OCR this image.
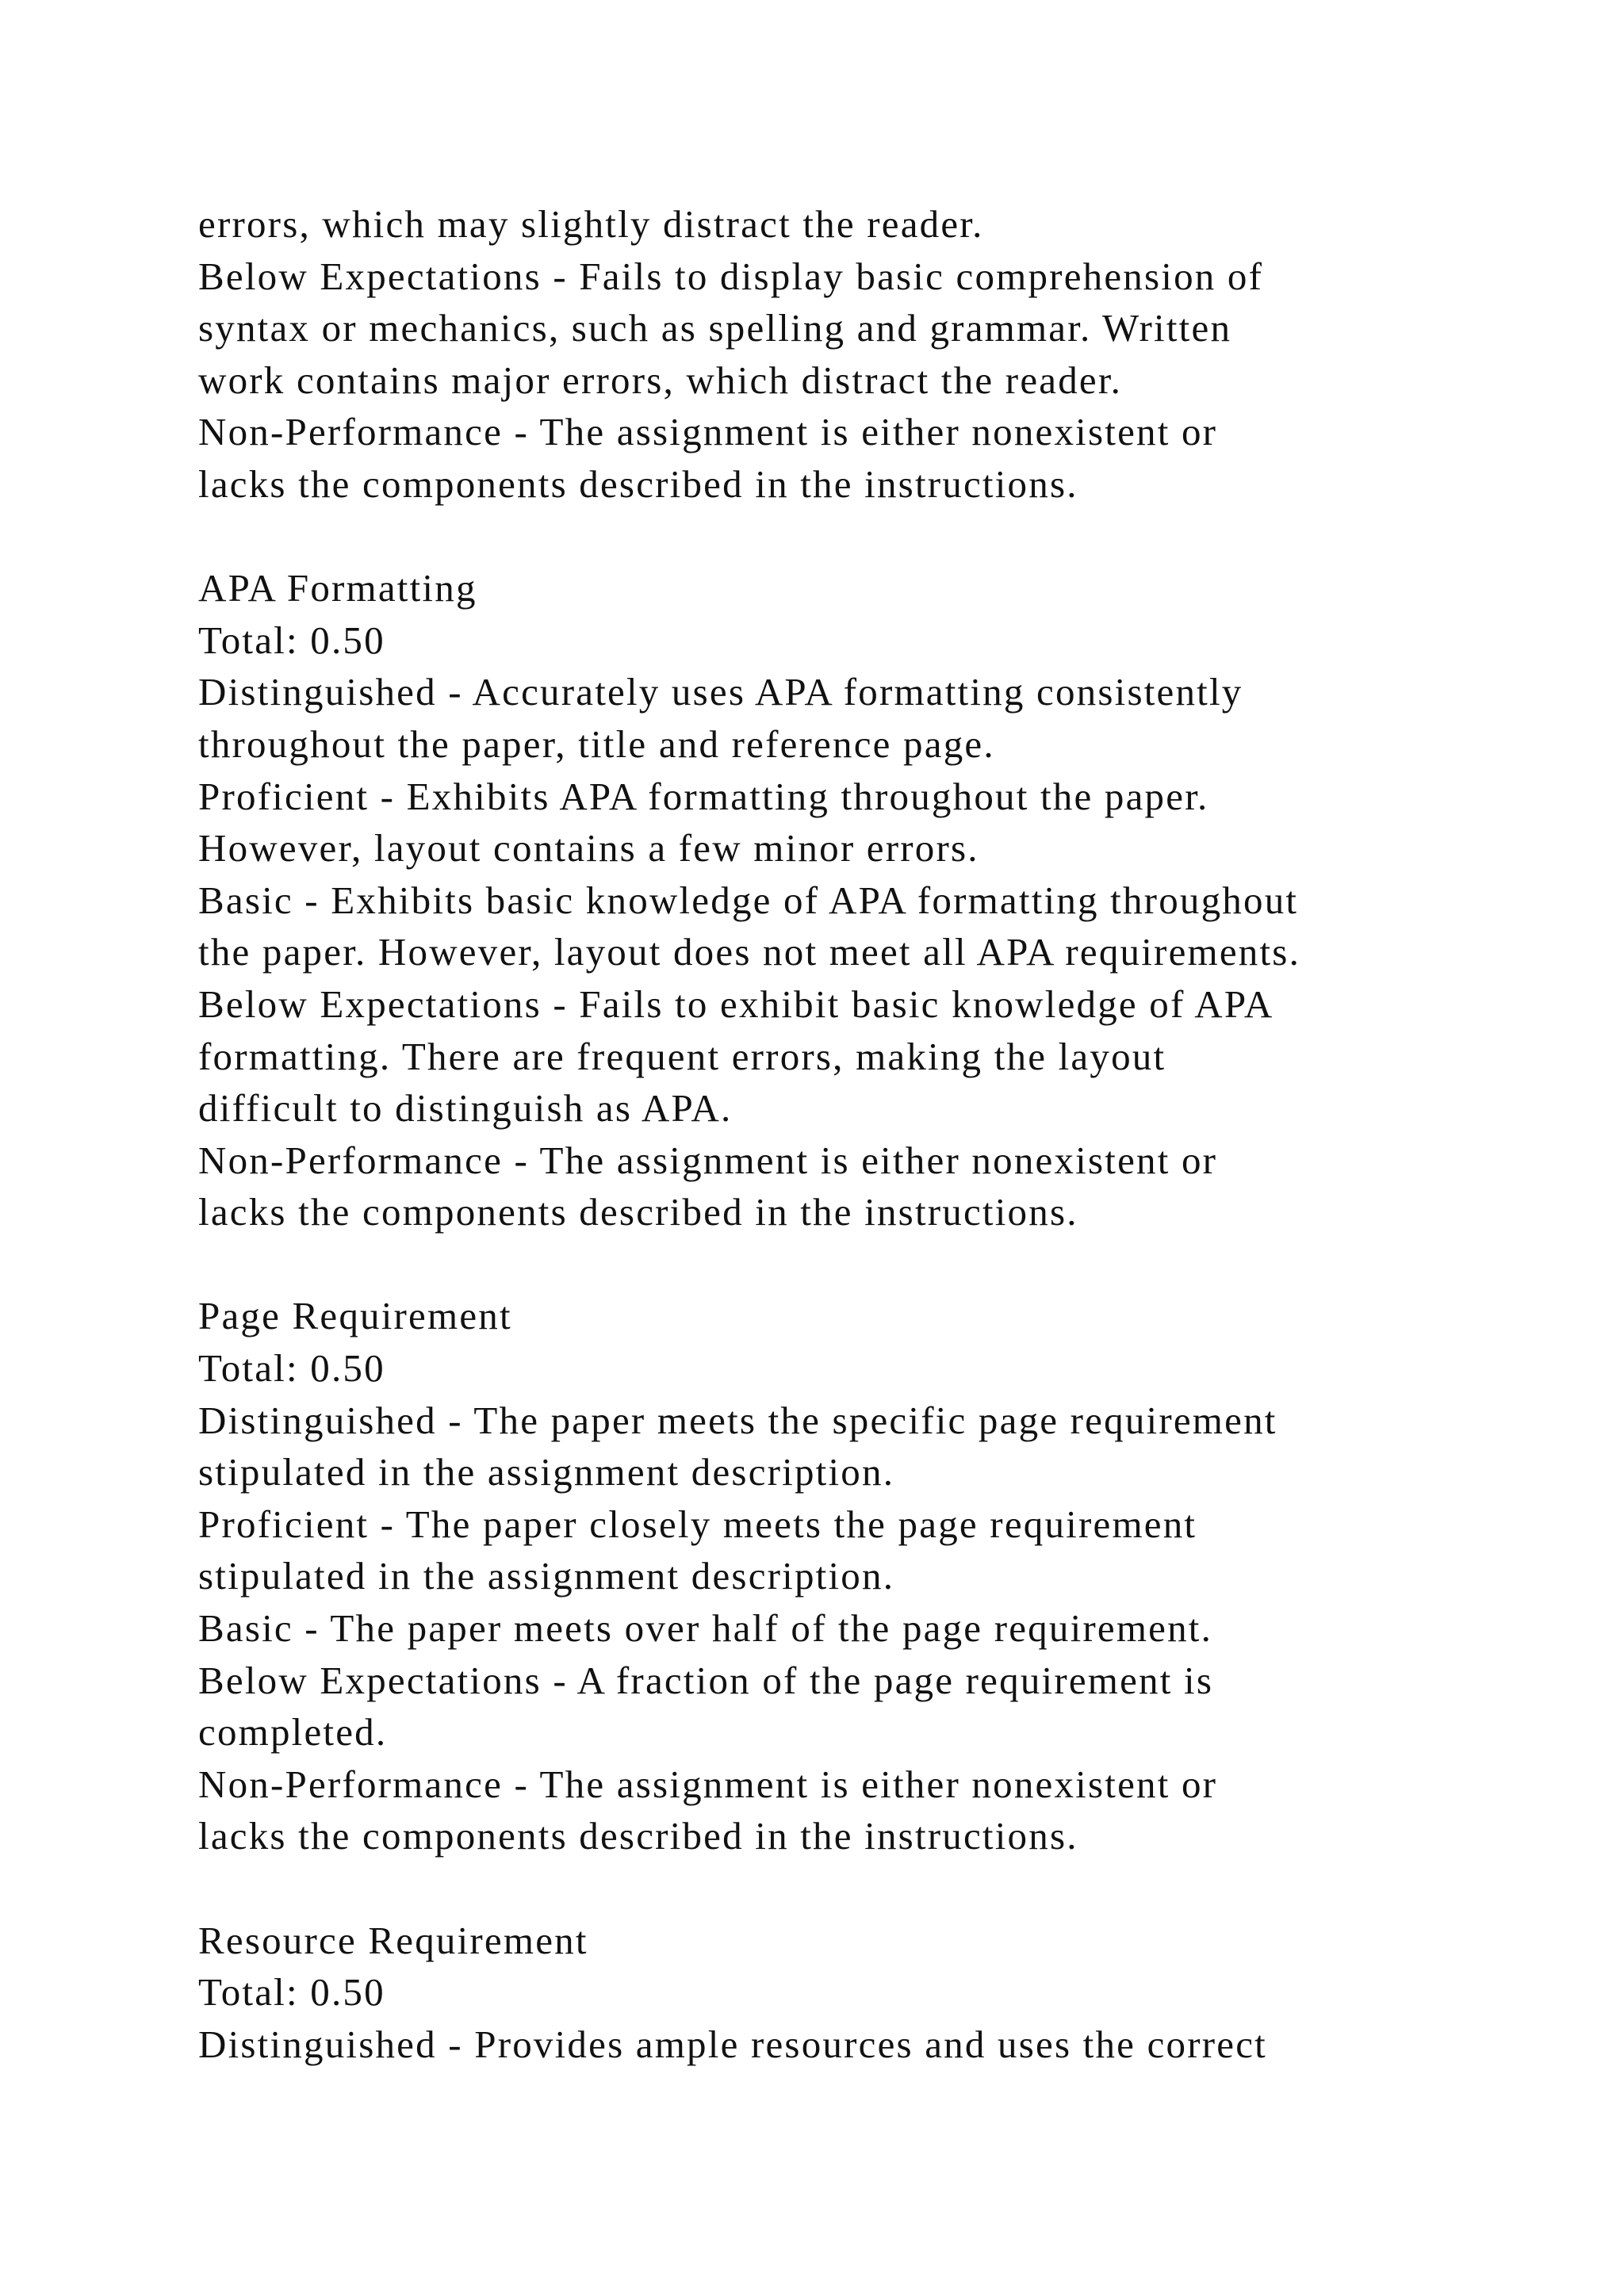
errors, which may slightly distract the reader.
Below Expectations - Fails to display basic comprehension of
syntax or mechanics, such as spelling and grammar. Written
work contains major errors, which distract the reader.
Non-Performance - The assignment is either nonexistent or
lacks the components described in the instructions.
APA Formatting
Total: 0.50
Distinguished - Accurately uses APA formatting consistently
throughout the paper, title and reference page.
Proficient - Exhibits APA formatting throughout the paper.
However, layout contains a few minor errors.
Basic - Exhibits basic knowledge of APA formatting throughout
the paper. However, layout does not meet all APA requirements.
Below Expectations - Fails to exhibit basic knowledge of APA
formatting. There are frequent errors, making the layout
difficult to distinguish as APA.
Non-Performance - The assignment is either nonexistent or
lacks the components described in the instructions.
Page Requirement
Total: 0.50
Distinguished - The paper meets the specific page requirement
stipulated in the assignment description.
Proficient - The paper closely meets the page requirement
stipulated in the assignment description.
Basic - The paper meets over half of the page requirement.
Below Expectations - A fraction of the page requirement is
completed.
Non-Performance - The assignment is either nonexistent or
lacks the components described in the instructions.
Resource Requirement
Total: 0.50
Distinguished - Provides ample resources and uses the correct
